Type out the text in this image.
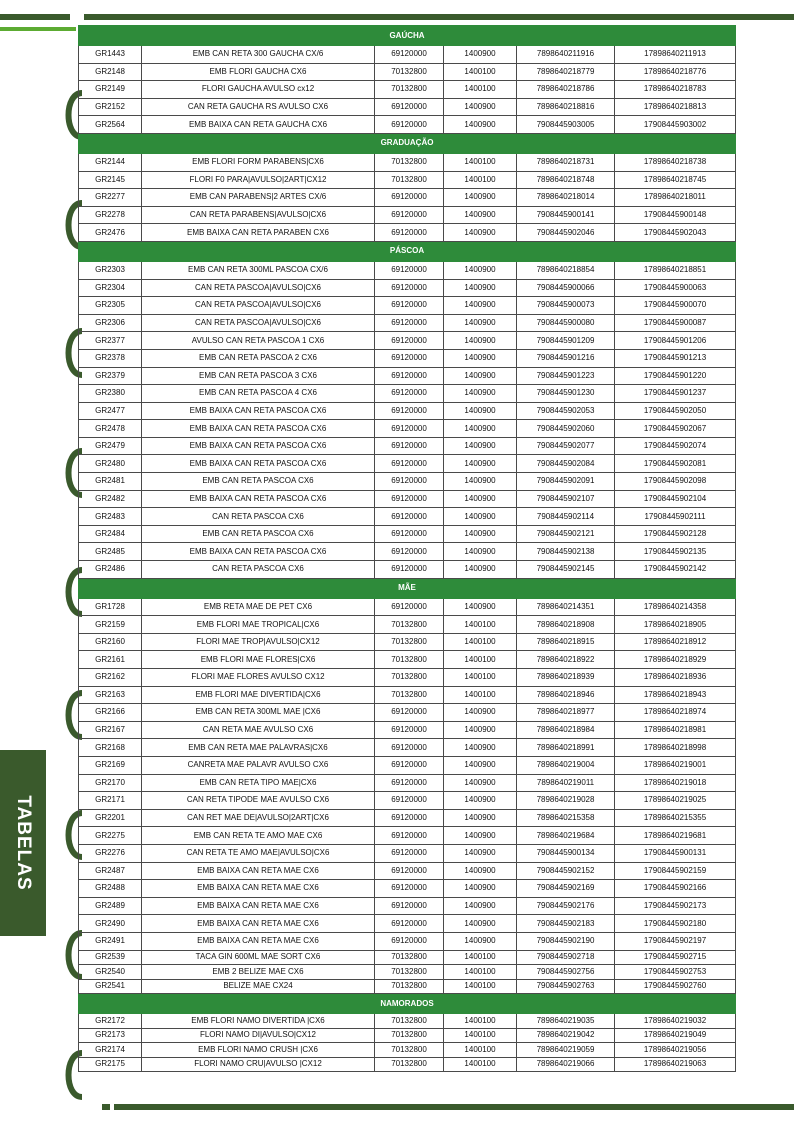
TABELAS
GAÚCHA					
GR1443	EMB CAN RETA 300 GAUCHA CX/6	69120000	1400900	7898640211916	17898640211913
GR2148	EMB FLORI GAUCHA CX6	70132800	1400100	7898640218779	17898640218776
GR2149	FLORI GAUCHA AVULSO cx12	70132800	1400100	7898640218786	17898640218783
GR2152	CAN RETA GAUCHA RS AVULSO CX6	69120000	1400900	7898640218816	17898640218813
GR2564	EMB BAIXA CAN RETA GAUCHA CX6	69120000	1400900	7908445903005	17908445903002
GRADUAÇÃO					
GR2144	EMB FLORI FORM PARABENS|CX6	70132800	1400100	7898640218731	17898640218738
GR2145	FLORI F0 PARA|AVULSO|2ART|CX12	70132800	1400100	7898640218748	17898640218745
GR2277	EMB CAN PARABENS|2 ARTES CX/6	69120000	1400900	7898640218014	17898640218011
GR2278	CAN RETA PARABENS|AVULSO|CX6	69120000	1400900	7908445900141	17908445900148
GR2476	EMB BAIXA CAN RETA PARABEN CX6	69120000	1400900	7908445902046	17908445902043
PÁSCOA					
GR2303	EMB CAN RETA 300ML PASCOA CX/6	69120000	1400900	7898640218854	17898640218851
GR2304	CAN RETA PASCOA|AVULSO|CX6	69120000	1400900	7908445900066	17908445900063
GR2305	CAN RETA PASCOA|AVULSO|CX6	69120000	1400900	7908445900073	17908445900070
GR2306	CAN RETA PASCOA|AVULSO|CX6	69120000	1400900	7908445900080	17908445900087
GR2377	AVULSO CAN RETA PASCOA 1 CX6	69120000	1400900	7908445901209	17908445901206
GR2378	EMB CAN RETA PASCOA 2 CX6	69120000	1400900	7908445901216	17908445901213
GR2379	EMB CAN RETA PASCOA 3 CX6	69120000	1400900	7908445901223	17908445901220
GR2380	EMB CAN RETA PASCOA 4 CX6	69120000	1400900	7908445901230	17908445901237
GR2477	EMB BAIXA CAN RETA PASCOA CX6	69120000	1400900	7908445902053	17908445902050
GR2478	EMB BAIXA CAN RETA PASCOA CX6	69120000	1400900	7908445902060	17908445902067
GR2479	EMB BAIXA CAN RETA PASCOA CX6	69120000	1400900	7908445902077	17908445902074
GR2480	EMB BAIXA CAN RETA PASCOA CX6	69120000	1400900	7908445902084	17908445902081
GR2481	EMB CAN RETA PASCOA CX6	69120000	1400900	7908445902091	17908445902098
GR2482	EMB BAIXA CAN RETA PASCOA CX6	69120000	1400900	7908445902107	17908445902104
GR2483	CAN RETA PASCOA CX6	69120000	1400900	7908445902114	17908445902111
GR2484	EMB CAN RETA PASCOA CX6	69120000	1400900	7908445902121	17908445902128
GR2485	EMB BAIXA CAN RETA PASCOA CX6	69120000	1400900	7908445902138	17908445902135
GR2486	CAN RETA PASCOA CX6	69120000	1400900	7908445902145	17908445902142
MÃE					
GR1728	EMB RETA MAE DE PET CX6	69120000	1400900	7898640214351	17898640214358
GR2159	EMB FLORI MAE TROPICAL|CX6	70132800	1400100	7898640218908	17898640218905
GR2160	FLORI MAE TROP|AVULSO|CX12	70132800	1400100	7898640218915	17898640218912
GR2161	EMB FLORI MAE FLORES|CX6	70132800	1400100	7898640218922	17898640218929
GR2162	FLORI MAE FLORES AVULSO CX12	70132800	1400100	7898640218939	17898640218936
GR2163	EMB FLORI MAE DIVERTIDA|CX6	70132800	1400100	7898640218946	17898640218943
GR2166	EMB CAN RETA 300ML MAE |CX6	69120000	1400900	7898640218977	17898640218974
GR2167	CAN RETA MAE AVULSO CX6	69120000	1400900	7898640218984	17898640218981
GR2168	EMB CAN RETA MAE PALAVRAS|CX6	69120000	1400900	7898640218991	17898640218998
GR2169	CANRETA MAE PALAVR AVULSO CX6	69120000	1400900	7898640219004	17898640219001
GR2170	EMB CAN RETA TIPO MAE|CX6	69120000	1400900	7898640219011	17898640219018
GR2171	CAN RETA TIPODE MAE AVULSO CX6	69120000	1400900	7898640219028	17898640219025
GR2201	CAN RET MAE DE|AVULSO|2ART|CX6	69120000	1400900	7898640215358	17898640215355
GR2275	EMB CAN RETA TE AMO MAE CX6	69120000	1400900	7898640219684	17898640219681
GR2276	CAN RETA TE AMO MAE|AVULSO|CX6	69120000	1400900	7908445900134	17908445900131
GR2487	EMB BAIXA CAN RETA MAE CX6	69120000	1400900	7908445902152	17908445902159
GR2488	EMB BAIXA CAN RETA MAE CX6	69120000	1400900	7908445902169	17908445902166
GR2489	EMB BAIXA CAN RETA MAE CX6	69120000	1400900	7908445902176	17908445902173
GR2490	EMB BAIXA CAN RETA MAE CX6	69120000	1400900	7908445902183	17908445902180
GR2491	EMB BAIXA CAN RETA MAE CX6	69120000	1400900	7908445902190	17908445902197
GR2539	TACA GIN 600ML MAE SORT CX6	70132800	1400100	7908445902718	17908445902715
GR2540	EMB 2 BELIZE MAE CX6	70132800	1400100	7908445902756	17908445902753
GR2541	BELIZE MAE CX24	70132800	1400100	7908445902763	17908445902760
NAMORADOS					
GR2172	EMB FLORI NAMO DIVERTIDA |CX6	70132800	1400100	7898640219035	17898640219032
GR2173	FLORI NAMO DI|AVULSO|CX12	70132800	1400100	7898640219042	17898640219049
GR2174	EMB FLORI NAMO CRUSH |CX6	70132800	1400100	7898640219059	17898640219056
GR2175	FLORI NAMO CRU|AVULSO |CX12	70132800	1400100	7898640219066	17898640219063
